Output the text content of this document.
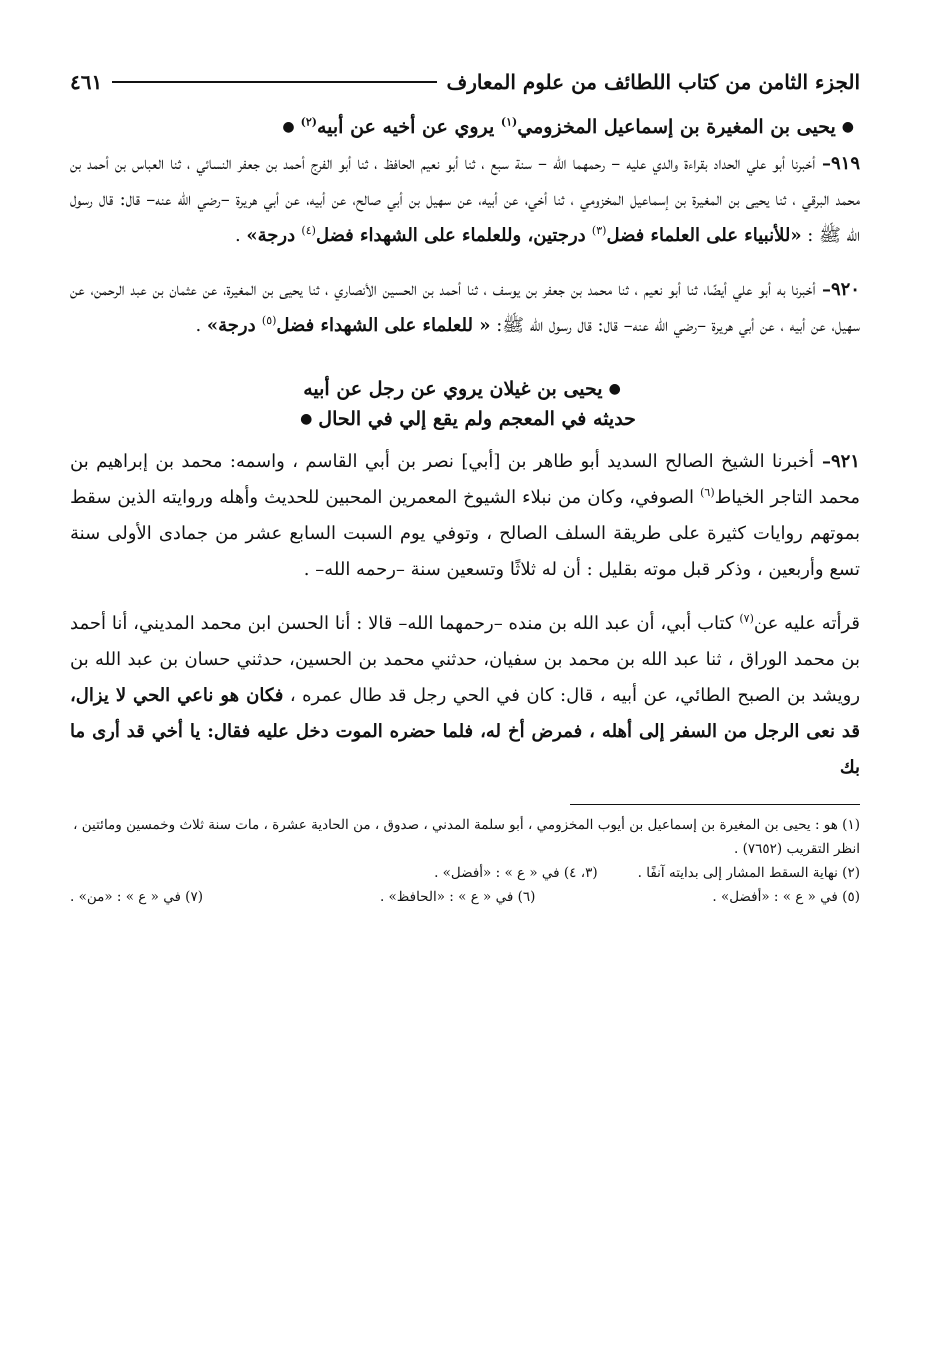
الجزء الثامن من كتاب اللطائف من علوم المعارف
٤٦١
●
يحيى بن المغيرة بن إسماعيل المخزومي$^{(١)}$ يروي عن أخيه عن أبيه$^{(٢)}$
●

٩١٩– أخبرنا أبو علي الحداد بقراءة والدي عليه – رحمهما الله – سنة سبع ، ثنا أبو نعيم الحافظ ، ثنا أبو الفرج أحمد بن جعفر النسائي ، ثنا العباس بن أحمد بن محمد البرقي ، ثنا يحيى بن المغيرة بن إسماعيل المخزومي ، ثنا أخي، عن أبيه، عن سهيل بن أبي صالح، عن أبيه، عن أبي هريرة –رضي الله عنه– قال: قال رسول الله ﷺ : «للأنبياء على العلماء فضل$^{(٣)}$ درجتين، وللعلماء على الشهداء فضل$^{(٤)}$ درجة» .

٩٢٠– أخبرنا به أبو علي أيضًا، ثنا أبو نعيم ، ثنا محمد بن جعفر بن يوسف ، ثنا أحمد بن الحسين الأنصاري ، ثنا يحيى بن المغيرة، عن عثمان بن عبد الرحمن، عن سهيل، عن أبيه ، عن أبي هريرة –رضي الله عنه– قال: قال رسول الله ﷺ: « للعلماء على الشهداء فضل$^{(٥)}$ درجة» .

●
يحيى بن غيلان يروي عن رجل عن أبيه
حديثه في المعجم ولم يقع إلي في الحال
●

٩٢١– أخبرنا الشيخ الصالح السديد أبو طاهر بن [أبي] نصر بن أبي القاسم ، واسمه: محمد بن إبراهيم بن محمد التاجر الخياط$^{(٦)}$ الصوفي، وكان من نبلاء الشيوخ المعمرين المحبين للحديث وأهله وروايته الذين سقط بموتهم روايات كثيرة على طريقة السلف الصالح ، وتوفي يوم السبت السابع عشر من جمادى الأولى سنة تسع وأربعين ، وذكر قبل موته بقليل : أن له ثلاثًا وتسعين سنة –رحمه الله– .

قرأته عليه عن$^{(٧)}$ كتاب أبي، أن عبد الله بن منده –رحمهما الله– قالا : أنا الحسن ابن محمد المديني، أنا أحمد بن محمد الوراق ، ثنا عبد الله بن محمد بن سفيان، حدثني محمد بن الحسين، حدثني حسان بن عبد الله بن رويشد بن الصبح الطائي، عن أبيه ، قال: كان في الحي رجل قد طال عمره ، فكان هو ناعي الحي لا يزال، قد نعى الرجل من السفر إلى أهله ، فمرض أخ له، فلما حضره الموت دخل عليه فقال: يا أخي قد أرى ما بك

(١) هو : يحيى بن المغيرة بن إسماعيل بن أيوب المخزومي ، أبو سلمة المدني ، صدوق ، من الحادية عشرة ، مات سنة ثلاث وخمسين ومائتين ، انظر التقريب (٧٦٥٢) .
(٢) نهاية السقط المشار إلى بدايته آنفًا .
(٣، ٤) في « ع » : «أفضل» .
(٥) في « ع » : «أفضل» .
(٦) في « ع » : «الحافظ» .
(٧) في « ع » : «من» .
